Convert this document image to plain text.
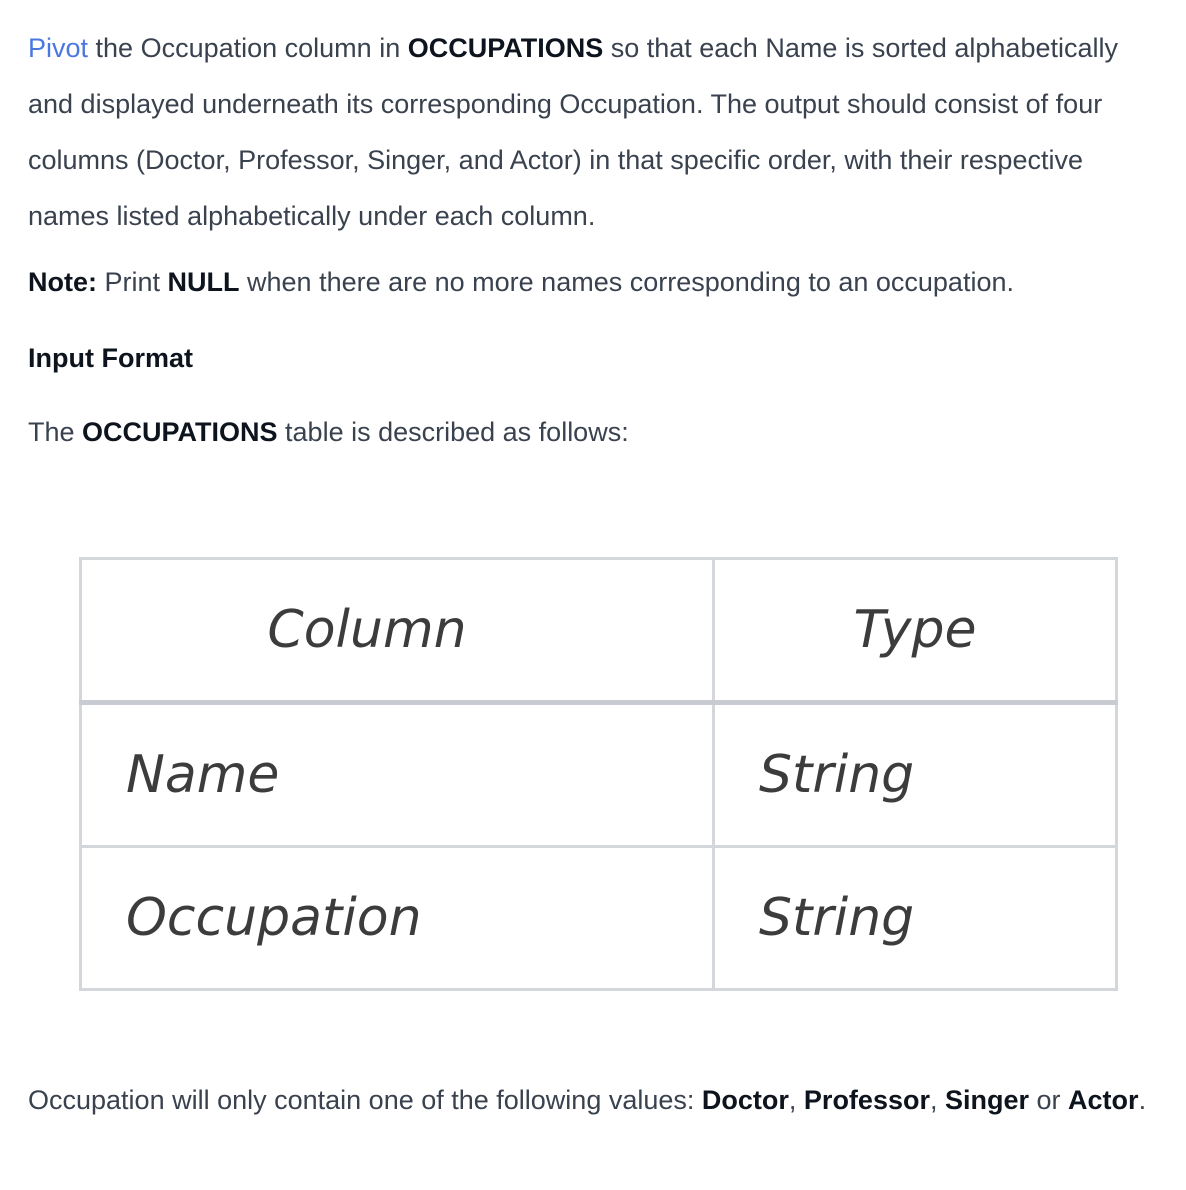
Pivot the Occupation column in OCCUPATIONS so that each Name is sorted alphabetically and displayed underneath its corresponding Occupation. The output should consist of four columns (Doctor, Professor, Singer, and Actor) in that specific order, with their respective names listed alphabetically under each column.

Note: Print NULL when there are no more names corresponding to an occupation.

Input Format

The OCCUPATIONS table is described as follows:

Column	Type
Name	String
Occupation	String

Occupation will only contain one of the following values: Doctor, Professor, Singer or Actor.
